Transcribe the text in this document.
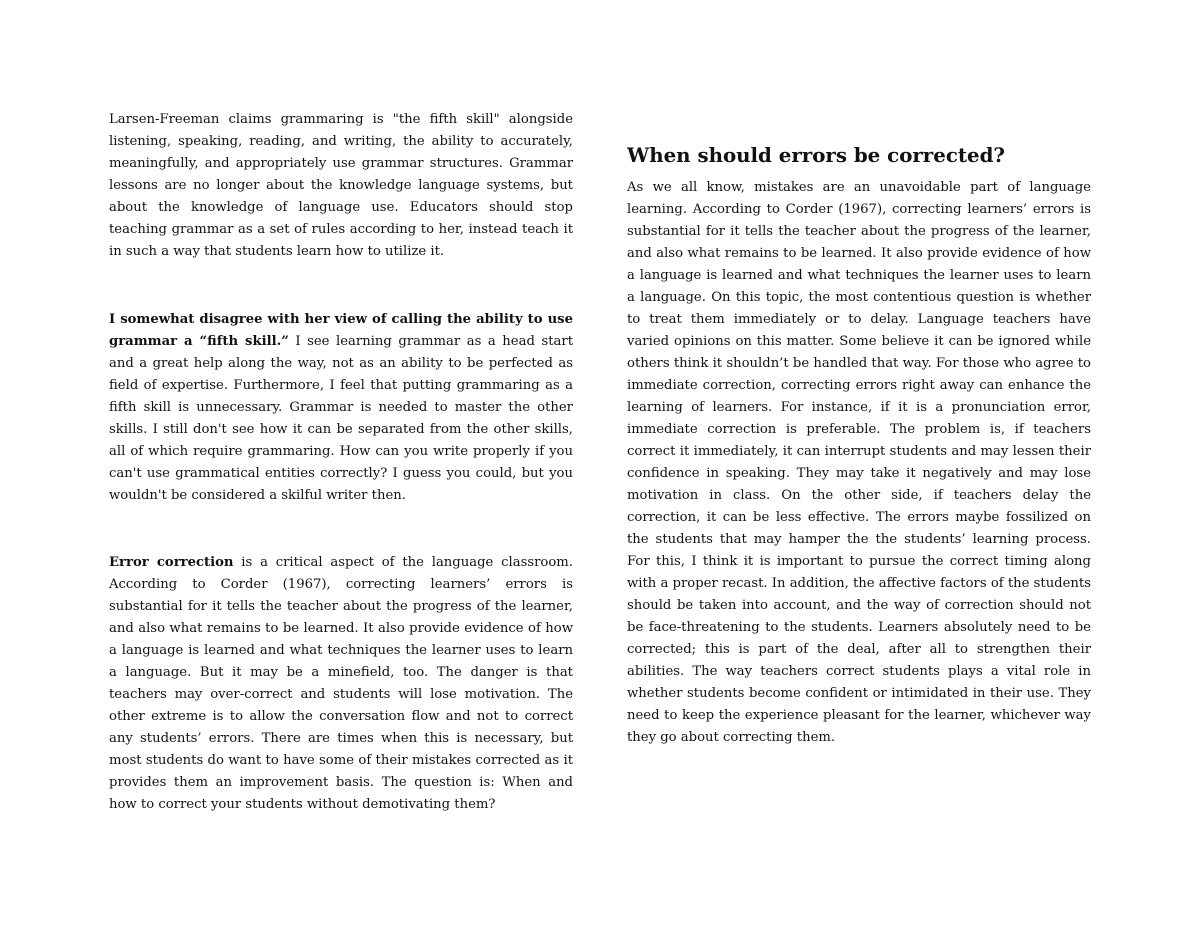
Larsen-Freeman claims grammaring is "the fifth skill" alongside listening, speaking, reading, and writing, the ability to accurately, meaningfully, and appropriately use grammar structures. Grammar lessons are no longer about the knowledge language systems, but about the knowledge of language use. Educators should stop teaching grammar as a set of rules according to her, instead teach it in such a way that students learn how to utilize it.

I somewhat disagree with her view of calling the ability to use grammar a “fifth skill.” I see learning grammar as a head start and a great help along the way, not as an ability to be perfected as field of expertise. Furthermore, I feel that putting grammaring as a fifth skill is unnecessary. Grammar is needed to master the other skills. I still don't see how it can be separated from the other skills, all of which require grammaring. How can you write properly if you can't use grammatical entities correctly? I guess you could, but you wouldn't be considered a skilful writer then.

Error correction is a critical aspect of the language classroom. According to Corder (1967), correcting learners’ errors is substantial for it tells the teacher about the progress of the learner, and also what remains to be learned. It also provide evidence of how a language is learned and what techniques the learner uses to learn a language. But it may be a minefield, too. The danger is that teachers may over-correct and students will lose motivation. The other extreme is to allow the conversation flow and not to correct any students’ errors. There are times when this is necessary, but most students do want to have some of their mistakes corrected as it provides them an improvement basis. The question is: When and how to correct your students without demotivating them?

When should errors be corrected?

As we all know, mistakes are an unavoidable part of language learning. According to Corder (1967), correcting learners’ errors is substantial for it tells the teacher about the progress of the learner, and also what remains to be learned. It also provide evidence of how a language is learned and what techniques the learner uses to learn a language. On this topic, the most contentious question is whether to treat them immediately or to delay. Language teachers have varied opinions on this matter. Some believe it can be ignored while others think it shouldn’t be handled that way. For those who agree to immediate correction, correcting errors right away can enhance the learning of learners. For instance, if it is a pronunciation error, immediate correction is preferable. The problem is, if teachers correct it immediately, it can interrupt students and may lessen their confidence in speaking. They may take it negatively and may lose motivation in class. On the other side, if teachers delay the correction, it can be less effective. The errors maybe fossilized on the students that may hamper the the students’ learning process. For this, I think it is important to pursue the correct timing along with a proper recast. In addition, the affective factors of the students should be taken into account, and the way of correction should not be face-threatening to the students. Learners absolutely need to be corrected; this is part of the deal, after all to strengthen their abilities. The way teachers correct students plays a vital role in whether students become confident or intimidated in their use. They need to keep the experience pleasant for the learner, whichever way they go about correcting them.
